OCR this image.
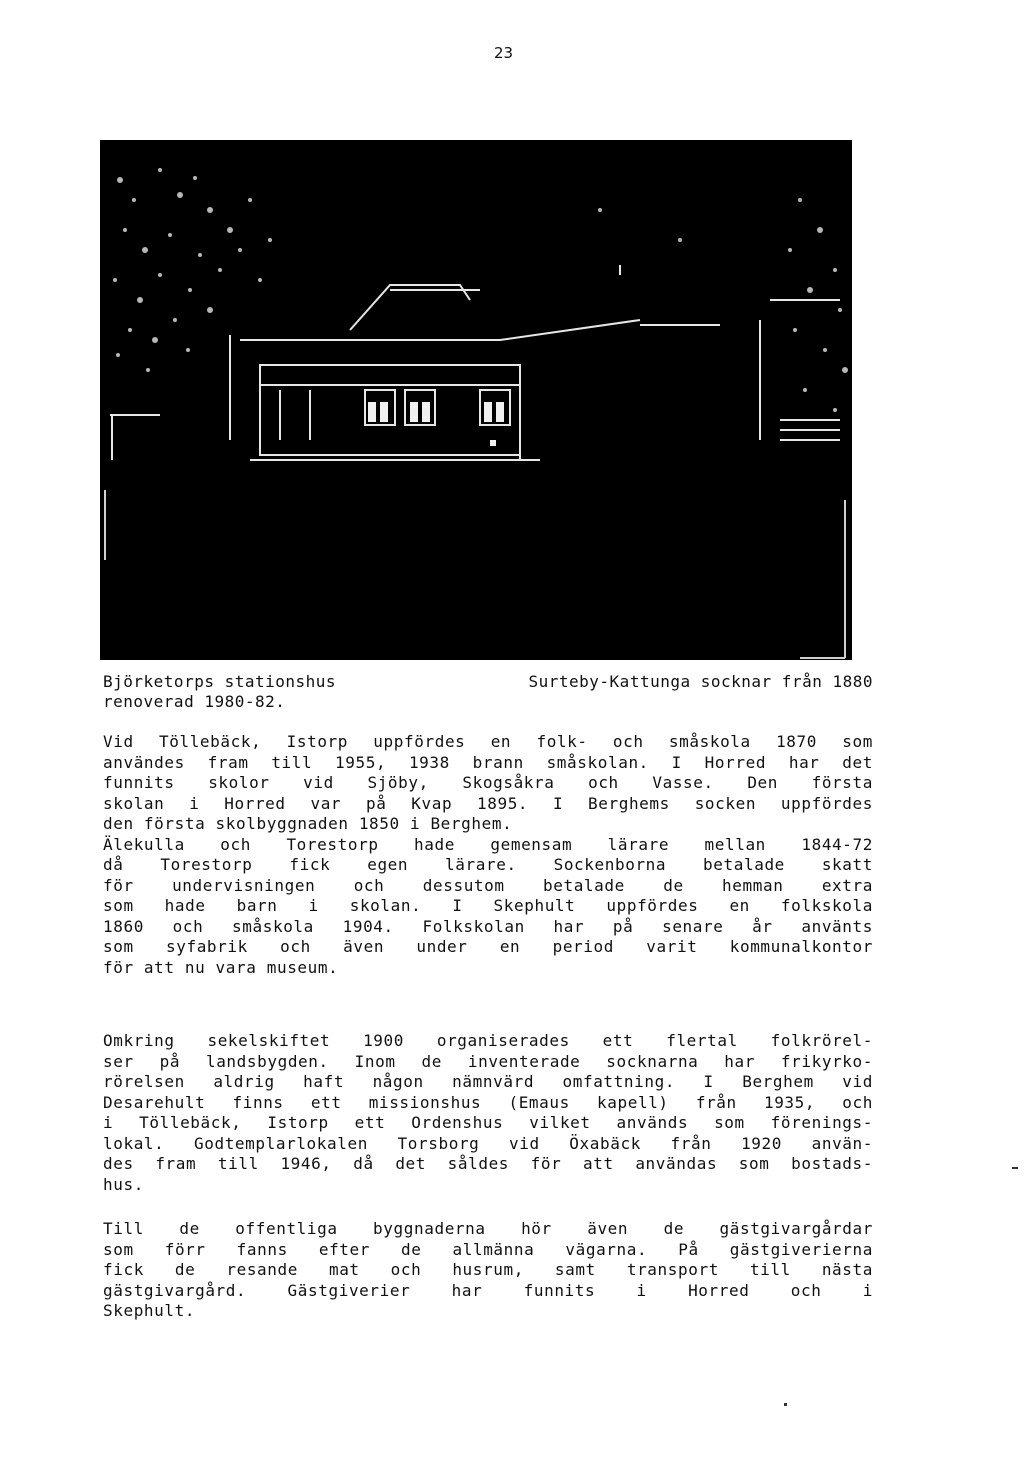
23
Björketorps stationshus	Surteby-Kattunga socknar från 1880
renoverad 1980-82.
Vid Töllebäck, Istorp uppfördes en folk- och småskola 1870 som
användes fram till 1955, 1938 brann småskolan. I Horred har det
funnits skolor vid Sjöby, Skogsåkra och Vasse. Den första
skolan i Horred var på Kvap 1895. I Berghems socken uppfördes
den första skolbyggnaden 1850 i Berghem.
Älekulla och Torestorp hade gemensam lärare mellan 1844-72
då Torestorp fick egen lärare. Sockenborna betalade skatt
för undervisningen och dessutom betalade de hemman extra
som hade barn i skolan. I Skephult uppfördes en folkskola
1860 och småskola 1904. Folkskolan har på senare år använts
som syfabrik och även under en period varit kommunalkontor
för att nu vara museum.
Omkring sekelskiftet 1900 organiserades ett flertal folkrörel-
ser på landsbygden. Inom de inventerade socknarna har frikyrko-
rörelsen aldrig haft någon nämnvärd omfattning. I Berghem vid
Desarehult finns ett missionshus (Emaus kapell) från 1935, och
i Töllebäck, Istorp ett Ordenshus vilket används som förenings-
lokal. Godtemplarlokalen Torsborg vid Öxabäck från 1920 använ-
des fram till 1946, då det såldes för att användas som bostads-
hus.
Till de offentliga byggnaderna hör även de gästgivargårdar
som förr fanns efter de allmänna vägarna. På gästgiverierna
fick de resande mat och husrum, samt transport till nästa
gästgivargård. Gästgiverier har funnits i Horred och i
Skephult.
